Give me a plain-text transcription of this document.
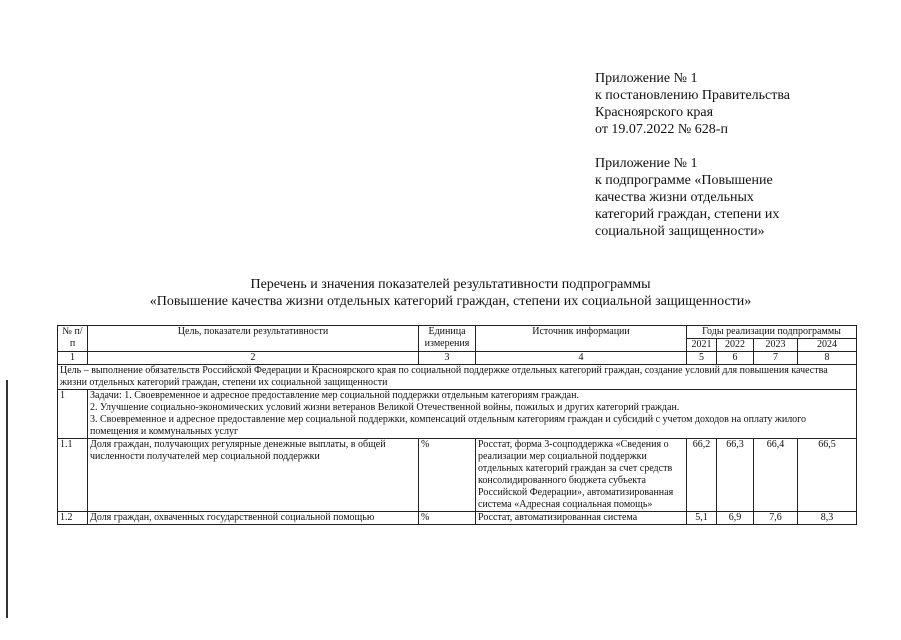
Приложение № 1
к постановлению Правительства
Красноярского края
от 19.07.2022 № 628-п
Приложение № 1
к подпрограмме «Повышение
качества жизни отдельных
категорий граждан, степени их
социальной защищенности»
Перечень и значения показателей результативности подпрограммы
«Повышение качества жизни отдельных категорий граждан, степени их социальной защищенности»
№ п/п	Цель, показатели результативности	Единица измерения	Источник информации	Годы реализации подпрограммы			
				2021	2022	2023	2024
1	2	3	4	5	6	7	8
Цель – выполнение обязательств Российской Федерации и Красноярского края по социальной поддержке отдельных категорий граждан, создание условий для повышения качества жизни отдельных категорий граждан, степени их социальной защищенности							
1	Задачи: 1. Своевременное и адресное предоставление мер социальной поддержки отдельным категориям граждан.
2. Улучшение социально-экономических условий жизни ветеранов Великой Отечественной войны, пожилых и других категорий граждан.
3. Своевременное и адресное предоставление мер социальной поддержки, компенсаций отдельным категориям граждан и субсидий с учетом доходов на оплату жилого помещения и коммунальных услуг						

1.1	Доля граждан, получающих регулярные денежные выплаты, в общей численности получателей мер социальной поддержки	%	Росстат, форма 3-соцподдержка «Сведения о реализации мер социальной поддержки отдельных категорий граждан за счет средств консолидированного бюджета субъекта Российской Федерации», автоматизированная система «Адресная социальная помощь»	66,2	66,3	66,4	66,5
1.2	Доля граждан, охваченных государственной социальной помощью	%	Росстат, автоматизированная система	5,1	6,9	7,6	8,3
